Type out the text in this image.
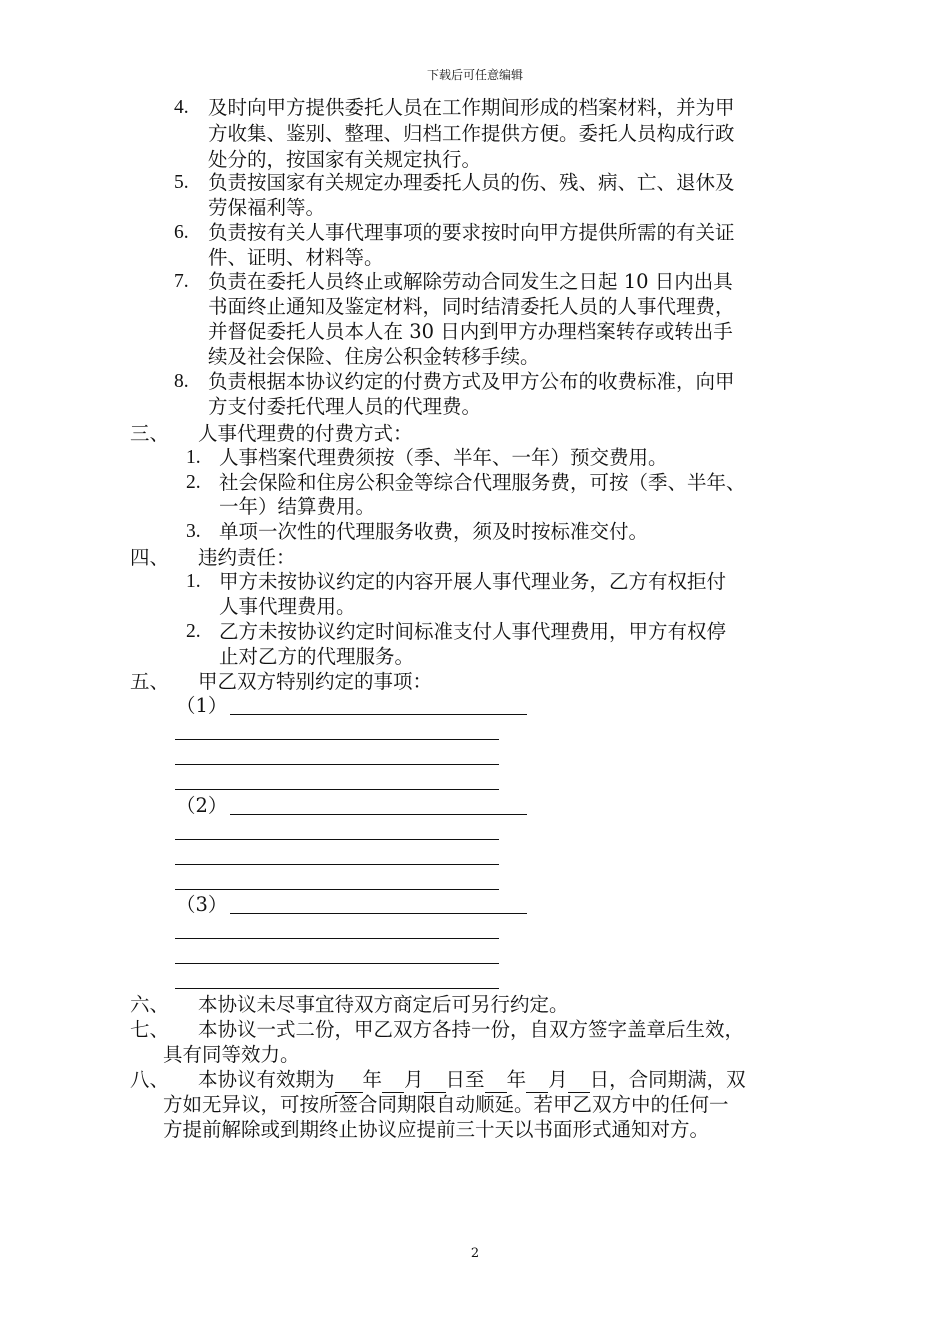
下载后可任意编辑
4. 及时向甲方提供委托人员在工作期间形成的档案材料，并为甲
方收集、鉴别、整理、归档工作提供方便。委托人员构成行政
处分的，按国家有关规定执行。
5. 负责按国家有关规定办理委托人员的伤、残、病、亡、退休及
劳保福利等。
6. 负责按有关人事代理事项的要求按时向甲方提供所需的有关证
件、证明、材料等。
7. 负责在委托人员终止或解除劳动合同发生之日起 10 日内出具
书面终止通知及鉴定材料，同时结清委托人员的人事代理费，
并督促委托人员本人在 30 日内到甲方办理档案转存或转出手
续及社会保险、住房公积金转移手续。
8. 负责根据本协议约定的付费方式及甲方公布的收费标准，向甲
方支付委托代理人员的代理费。
三、 人事代理费的付费方式：
1. 人事档案代理费须按（季、半年、一年）预交费用。
2. 社会保险和住房公积金等综合代理服务费，可按（季、半年、
一年）结算费用。
3. 单项一次性的代理服务收费，须及时按标准交付。
四、 违约责任：
1. 甲方未按协议约定的内容开展人事代理业务，乙方有权拒付
人事代理费用。
2. 乙方未按协议约定时间标准支付人事代理费用，甲方有权停
止对乙方的代理服务。
五、 甲乙双方特别约定的事项：
（1）
（2）
（3）
六、 本协议未尽事宜待双方商定后可另行约定。
七、 本协议一式二份，甲乙双方各持一份，自双方签字盖章后生效，
具有同等效力。
八、 本协议有效期为 年 月 日至 年 月 日，合同期满，双
方如无异议，可按所签合同期限自动顺延。若甲乙双方中的任何一
方提前解除或到期终止协议应提前三十天以书面形式通知对方。
2
